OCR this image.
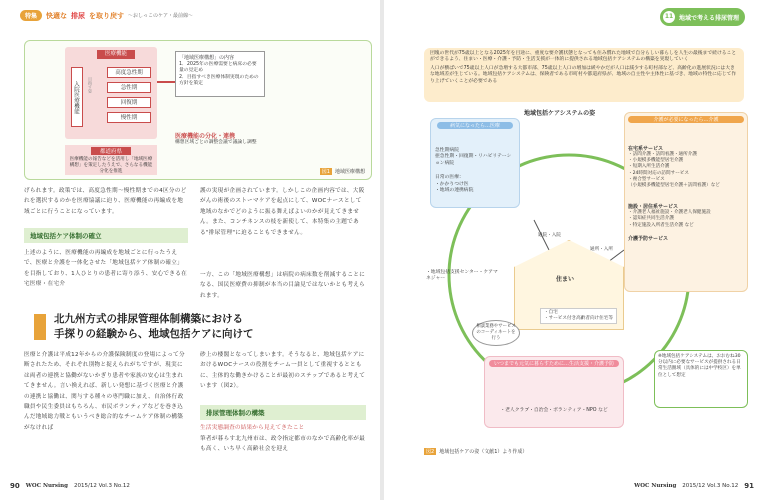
特集	快適な 排尿 を取り戻す 〜おしっこのケア・最前線〜
医療機能
入院医療機能	目指す姿
高度急性期
急性期
回復期
慢性期
都道府県
医療機能の報告などを活用し「地域医療構想」を策定したうえで、さらなる機能分化を推進
「地域医療構想」の内容
1．2025年の医療需要と病床の必要量の見定め
2．目指すべき医療体制実現のための方針を策定
医療機能の分化・連携
構想区域ごとの調整会議で議論し調整
図1	地域医療構想
げられます。政策では、高度急性期〜慢性期までの4区分のどれを選択するのかを医療協議に迫り、医療機能の再編成を地域ごとに行うことになっています。
地域包括ケア体制の確立
上述のように、医療機能の再編成を地域ごとに行ったうえで、医療と介護を一体化させた「地域包括ケア体制の確立」を目指しており、1人ひとりの患者に寄り添う、安心できる在宅医療・在宅介
護の実現が企画されています。しかしこの企画内容では、大阪がんの術後のストーマケアを起点にして、WOCナースとして地域のなかでどのように振る舞えばよいのかが見えてきません。また、コンチネンスの枝を新使して、本特集の主題である"排尿管理"に迫ることもできません。
一方、この「地域医療構想」は病院の病床数を削減することになる、国民医療費の抑制が本当の目論見ではないかとも考えられます。
北九州方式の排尿管理体制構築における
手探りの経験から、地域包括ケアに向けて
医療と介護は平成12年からの介護保険制度の登場によって分断されたため、それぞれ別物と捉えられがちですが、現実には両者の連携と協働がないかぎり患者や家族の安心は生まれてきません。言い換えれば、新しい発想に基づく医療と介護の連携と協働は、関与する種々の専門職に加え、自治体行政職員や民生委員はもちろん、市民ボランティアなどを巻き込んだ地域総力戦ともいうべき総合的なチームケア体制の構築がなければ
砂上の楼閣となってしまいます。そうなると、地域包括ケアにおけるWOCナースの役割をチーム一員として重視するとともに、主体的な働きかけることが最初のステップであると考えています（図2）。
排尿管理体制の構築
生活実態調査の結果から見えてきたこと
筆者が暮らす北九州市は、政令指定都市のなかで高齢化率が最も高く、いち早く高齢社会を迎え
90 WOC Nursing 2015/12 Vol.3 No.12
11 地域で考える排尿管理
団塊の世代が75歳以上となる2025年を目途に、重度な要介護状態となっても住み慣れた地域で自分らしい暮らしを人生の最後まで続けることができるよう、住まい・医療・介護・予防・生活支援が一体的に提供される地域包括ケアシステムの構築を実現していく
人口が横ばいで75歳以上人口が急増する大都市部、75歳以上人口の増加は緩やかだが人口は減少する町村部など、高齢化の進展状況には大きな地域差が生じている。地域包括ケアシステムは、保険者である市町村や都道府県が、地域の自主性や主体性に基づき、地域の特性に応じて作り上げていくことが必要である
地域包括ケアシステムの姿
病気になったら…医療
急性期病院
亜急性期・回復期・リハビリテーション病院
日常の医療：
・かかりつけ医
・地域の連携病院
介護が必要になったら…介護
在宅系サービス
・訪問介護・訪問看護・通所介護
・小規模多機能型居宅介護
・短期入所生活介護
・24時間対応の訪問サービス
・複合型サービス
（小規模多機能型居宅介護＋訪問看護）など
施設・居住系サービス
・介護老人福祉施設・介護老人保健施設
・認知症共同生活介護
・特定施設入所者生活介護 など
介護予防サービス
住まい
・自宅
・サービス付き高齢者向け住宅等
・地域包括支援センター・ケアマネジャー
相談業務やサービスのコーディネートを行う
通院・入院
通所・入所
いつまでも元気に暮らすために…生活支援・介護予防
・老人クラブ・自治会・ボランティア・NPO など
※地域包括ケアシステムは、おおむね30分以内に必要なサービスが提供される日常生活圏域（具体的には中学校区）を単位として想定
図2	地域包括ケアの姿（文献1）より作成）
WOC Nursing 2015/12 Vol.3 No.12 91
